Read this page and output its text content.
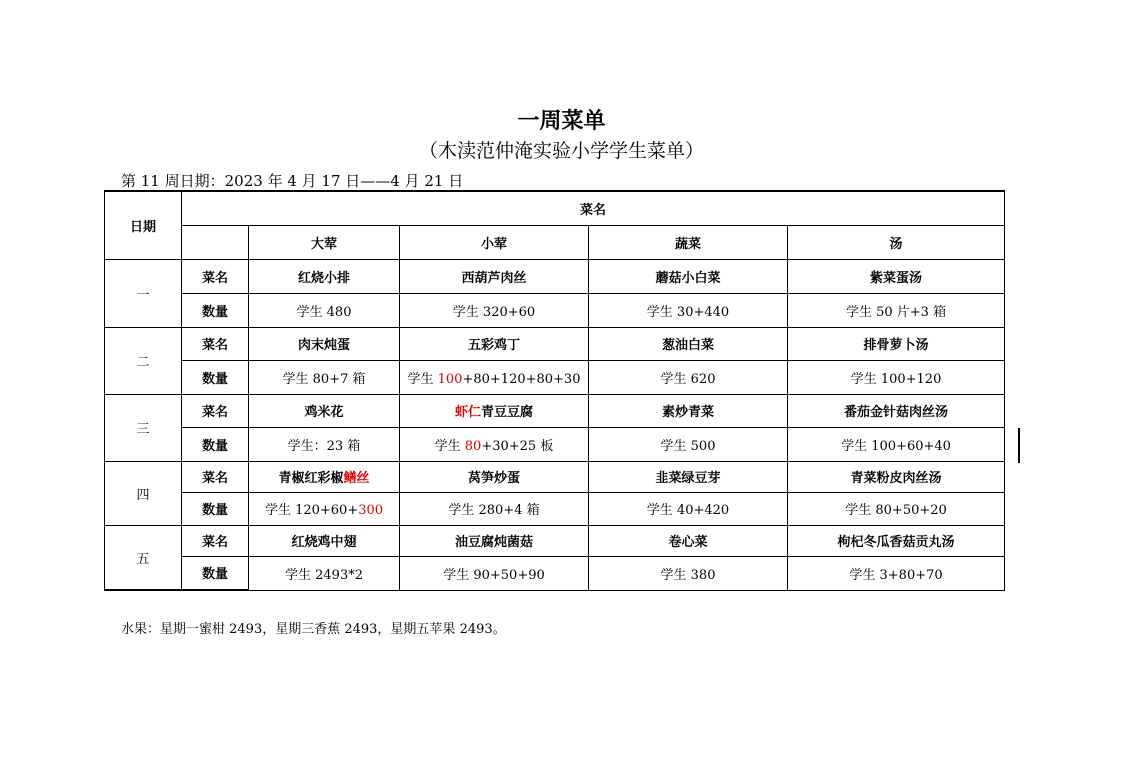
一周菜单
（木渎范仲淹实验小学学生菜单）
第 11 周日期：2023 年 4 月 17 日——4 月 21 日
日期	菜名				
		大荤	小荤	蔬菜	汤
一	菜名	红烧小排	西葫芦肉丝	蘑菇小白菜	紫菜蛋汤
	数量	学生 480	学生 320+60	学生 30+440	学生 50 片+3 箱
二	菜名	肉末炖蛋	五彩鸡丁	葱油白菜	排骨萝卜汤
	数量	学生 80+7 箱	学生 100+80+120+80+30	学生 620	学生 100+120
三	菜名	鸡米花	虾仁青豆豆腐	素炒青菜	番茄金针菇肉丝汤
	数量	学生：23 箱	学生 80+30+25 板	学生 500	学生 100+60+40
四	菜名	青椒红彩椒鳝丝	莴笋炒蛋	韭菜绿豆芽	青菜粉皮肉丝汤
	数量	学生 120+60+300	学生 280+4 箱	学生 40+420	学生 80+50+20
五	菜名	红烧鸡中翅	油豆腐炖菌菇	卷心菜	枸杞冬瓜香菇贡丸汤
	数量	学生 2493*2	学生 90+50+90	学生 380	学生 3+80+70
水果：星期一蜜柑 2493，星期三香蕉 2493，星期五苹果 2493。
